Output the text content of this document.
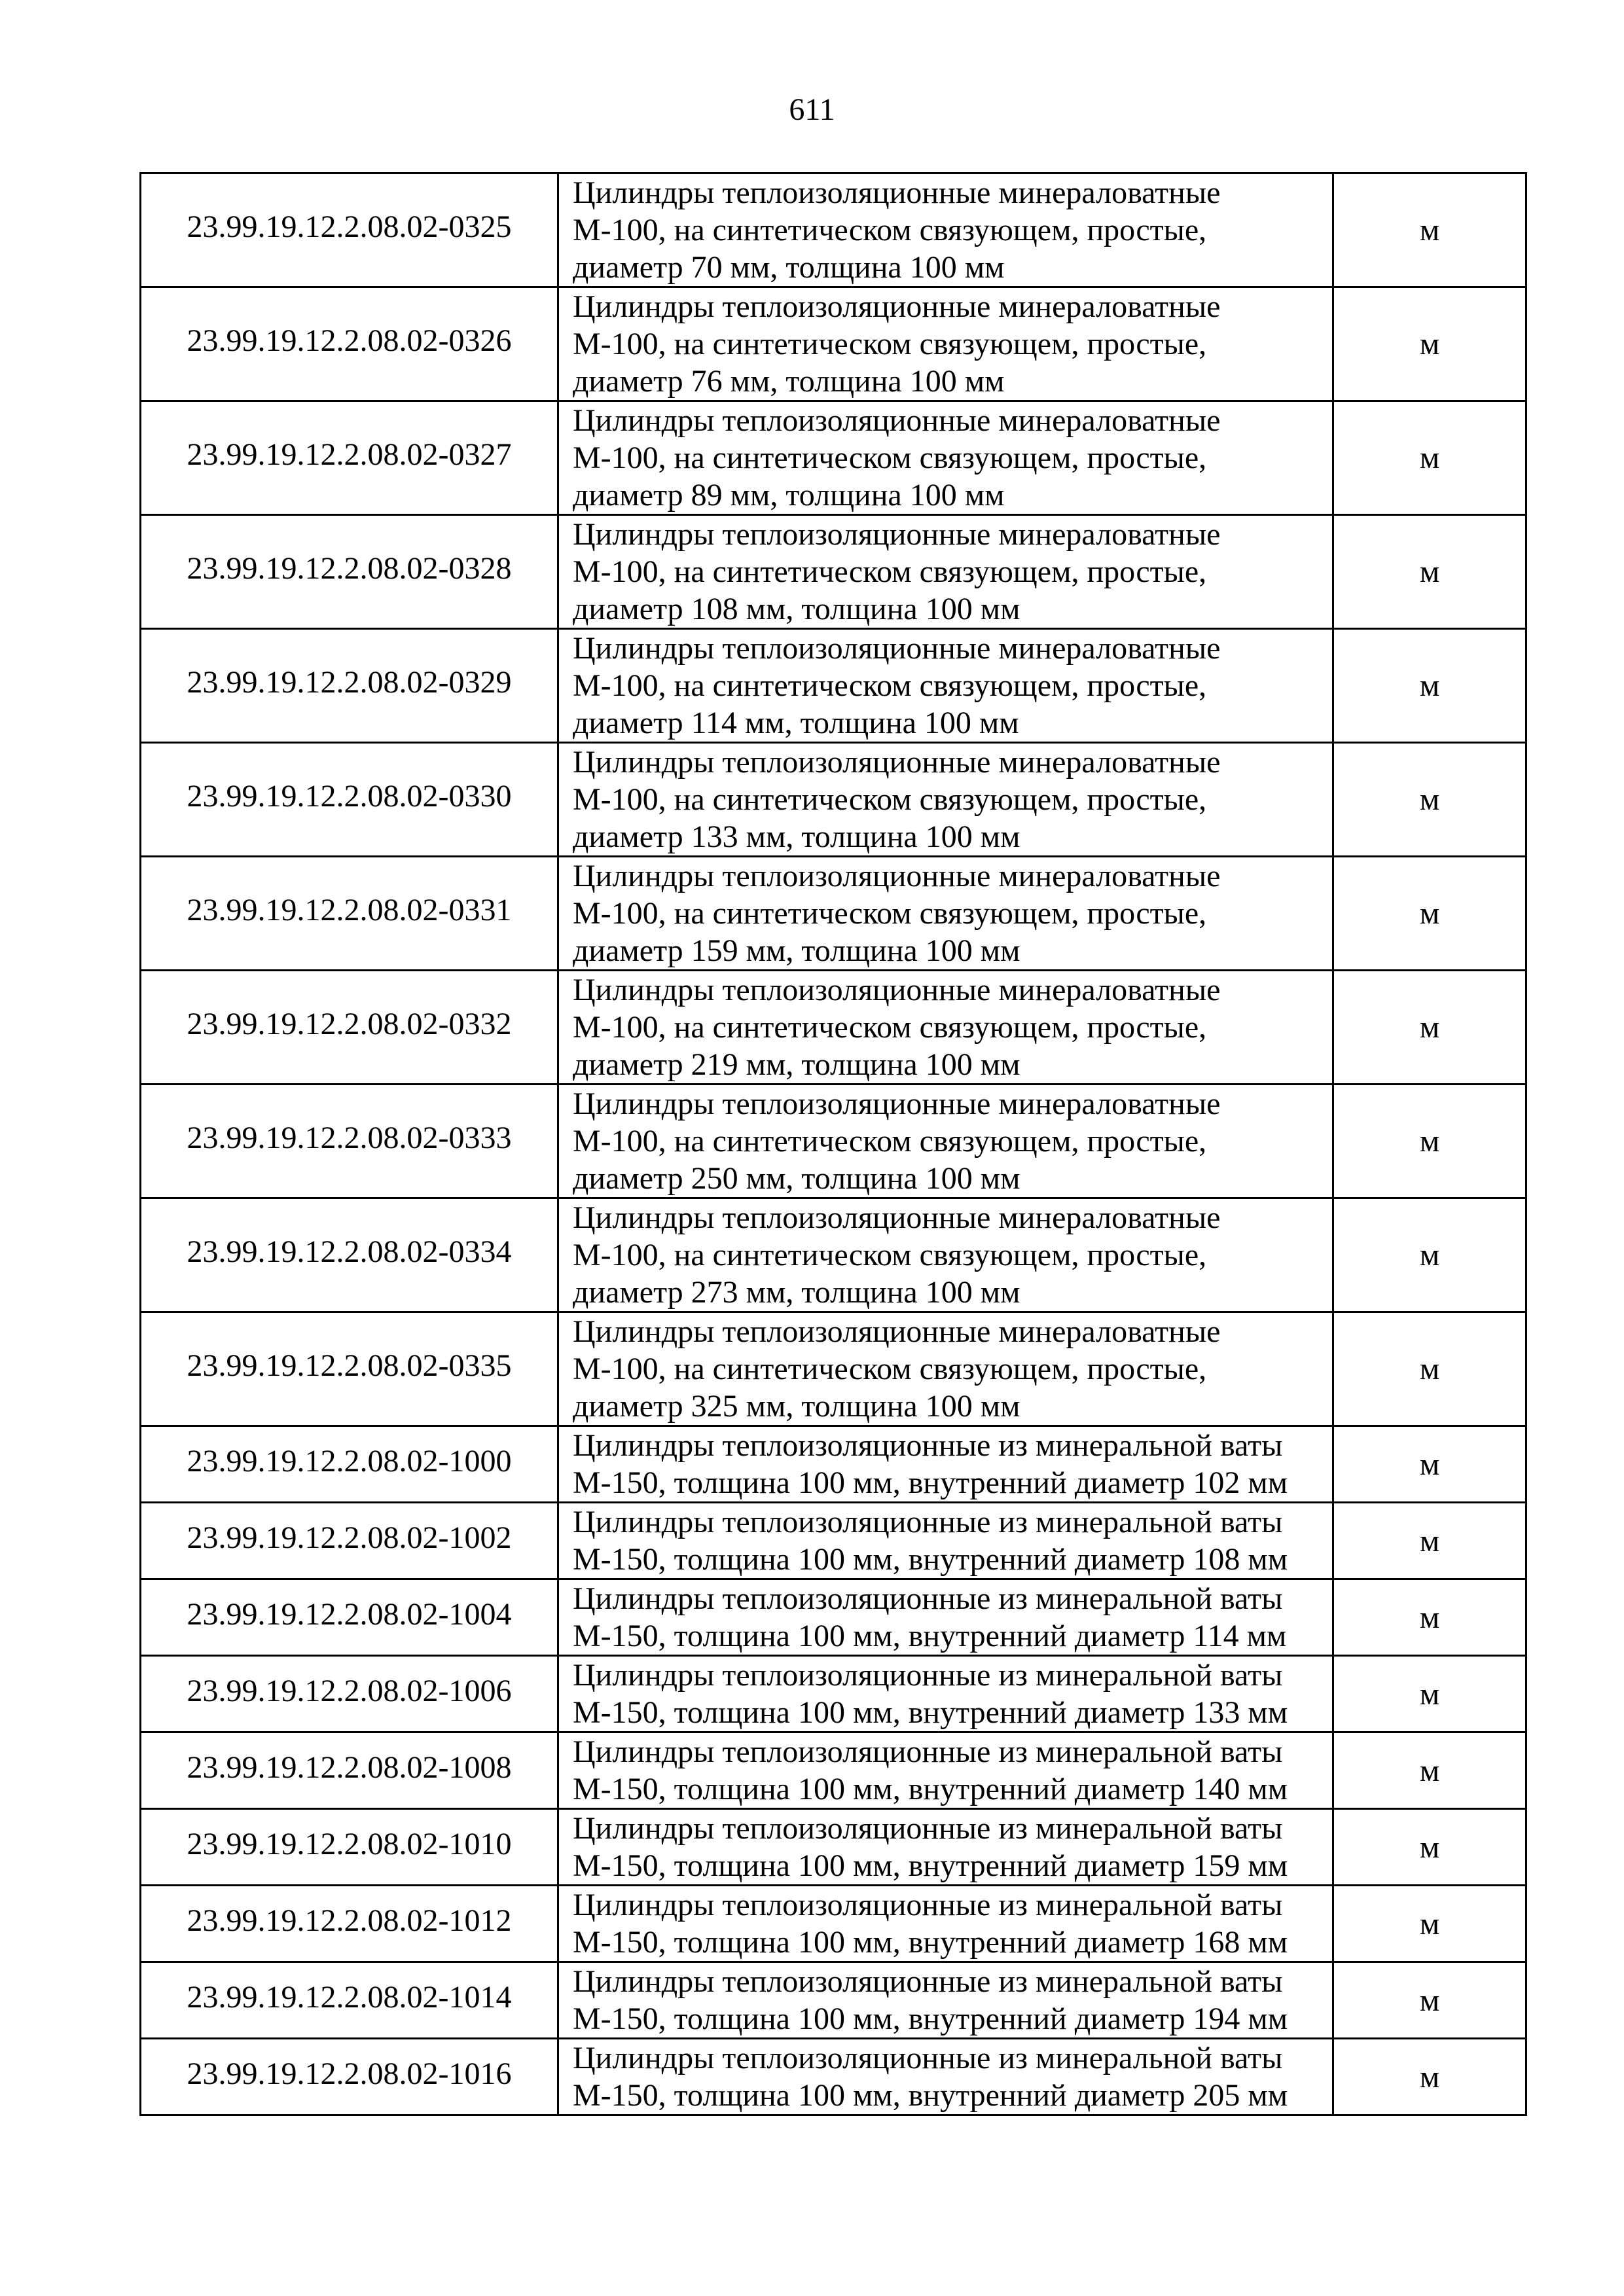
611
23.99.19.12.2.08.02-0325	Цилиндры теплоизоляционные минераловатные М-100, на синтетическом связующем, простые, диаметр 70 мм, толщина 100 мм	м
23.99.19.12.2.08.02-0326	Цилиндры теплоизоляционные минераловатные М-100, на синтетическом связующем, простые, диаметр 76 мм, толщина 100 мм	м
23.99.19.12.2.08.02-0327	Цилиндры теплоизоляционные минераловатные М-100, на синтетическом связующем, простые, диаметр 89 мм, толщина 100 мм	м
23.99.19.12.2.08.02-0328	Цилиндры теплоизоляционные минераловатные М-100, на синтетическом связующем, простые, диаметр 108 мм, толщина 100 мм	м
23.99.19.12.2.08.02-0329	Цилиндры теплоизоляционные минераловатные М-100, на синтетическом связующем, простые, диаметр 114 мм, толщина 100 мм	м
23.99.19.12.2.08.02-0330	Цилиндры теплоизоляционные минераловатные М-100, на синтетическом связующем, простые, диаметр 133 мм, толщина 100 мм	м
23.99.19.12.2.08.02-0331	Цилиндры теплоизоляционные минераловатные М-100, на синтетическом связующем, простые, диаметр 159 мм, толщина 100 мм	м
23.99.19.12.2.08.02-0332	Цилиндры теплоизоляционные минераловатные М-100, на синтетическом связующем, простые, диаметр 219 мм, толщина 100 мм	м
23.99.19.12.2.08.02-0333	Цилиндры теплоизоляционные минераловатные М-100, на синтетическом связующем, простые, диаметр 250 мм, толщина 100 мм	м
23.99.19.12.2.08.02-0334	Цилиндры теплоизоляционные минераловатные М-100, на синтетическом связующем, простые, диаметр 273 мм, толщина 100 мм	м
23.99.19.12.2.08.02-0335	Цилиндры теплоизоляционные минераловатные М-100, на синтетическом связующем, простые, диаметр 325 мм, толщина 100 мм	м
23.99.19.12.2.08.02-1000	Цилиндры теплоизоляционные из минеральной ваты М-150, толщина 100 мм, внутренний диаметр 102 мм	м
23.99.19.12.2.08.02-1002	Цилиндры теплоизоляционные из минеральной ваты М-150, толщина 100 мм, внутренний диаметр 108 мм	м
23.99.19.12.2.08.02-1004	Цилиндры теплоизоляционные из минеральной ваты М-150, толщина 100 мм, внутренний диаметр 114 мм	м
23.99.19.12.2.08.02-1006	Цилиндры теплоизоляционные из минеральной ваты М-150, толщина 100 мм, внутренний диаметр 133 мм	м
23.99.19.12.2.08.02-1008	Цилиндры теплоизоляционные из минеральной ваты М-150, толщина 100 мм, внутренний диаметр 140 мм	м
23.99.19.12.2.08.02-1010	Цилиндры теплоизоляционные из минеральной ваты М-150, толщина 100 мм, внутренний диаметр 159 мм	м
23.99.19.12.2.08.02-1012	Цилиндры теплоизоляционные из минеральной ваты М-150, толщина 100 мм, внутренний диаметр 168 мм	м
23.99.19.12.2.08.02-1014	Цилиндры теплоизоляционные из минеральной ваты М-150, толщина 100 мм, внутренний диаметр 194 мм	м
23.99.19.12.2.08.02-1016	Цилиндры теплоизоляционные из минеральной ваты М-150, толщина 100 мм, внутренний диаметр 205 мм	м
